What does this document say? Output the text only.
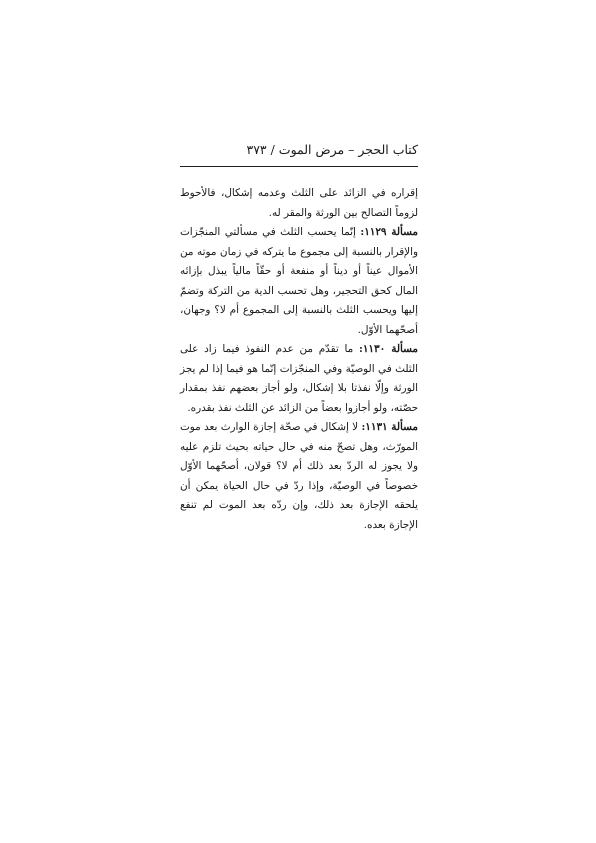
كتاب الحجر – مرض الموت / ٣٧٣

إقراره في الزائد على الثلث وعدمه إشكال، فالأحوط لزوماً التصالح بين الورثة والمقر له.

مسألة ١١٢٩: إنّما يحسب الثلث في مسألتي المنجّزات والإقرار بالنسبة إلى مجموع ما يتركه في زمان موته من الأموال عيناً أو ديناً أو منفعة أو حقّاً مالياً يبذل بإزائه المال كحق التحجير، وهل تحسب الدية من التركة وتضمّ إليها ويحسب الثلث بالنسبة إلى المجموع أم لا؟ وجهان، أصحّهما الأوّل.

مسألة ١١٣٠: ما تقدّم من عدم النفوذ فيما زاد على الثلث في الوصيّة وفي المنجّزات إنّما هو فيما إذا لم يجز الورثة وإلّا نفذتا بلا إشكال، ولو أجاز بعضهم نفذ بمقدار حصّته، ولو أجازوا بعضاً من الزائد عن الثلث نفذ بقدره.

مسألة ١١٣١: لا إشكال في صحّة إجازة الوارث بعد موت المورّث، وهل تصحّ منه في حال حياته بحيث تلزم عليه ولا يجوز له الردّ بعد ذلك أم لا؟ قولان، أصحّهما الأوّل خصوصاً في الوصيّة، وإذا ردّ في حال الحياة يمكن أن يلحقه الإجازة بعد ذلك، وإن ردّه بعد الموت لم تنفع الإجازة بعده.
